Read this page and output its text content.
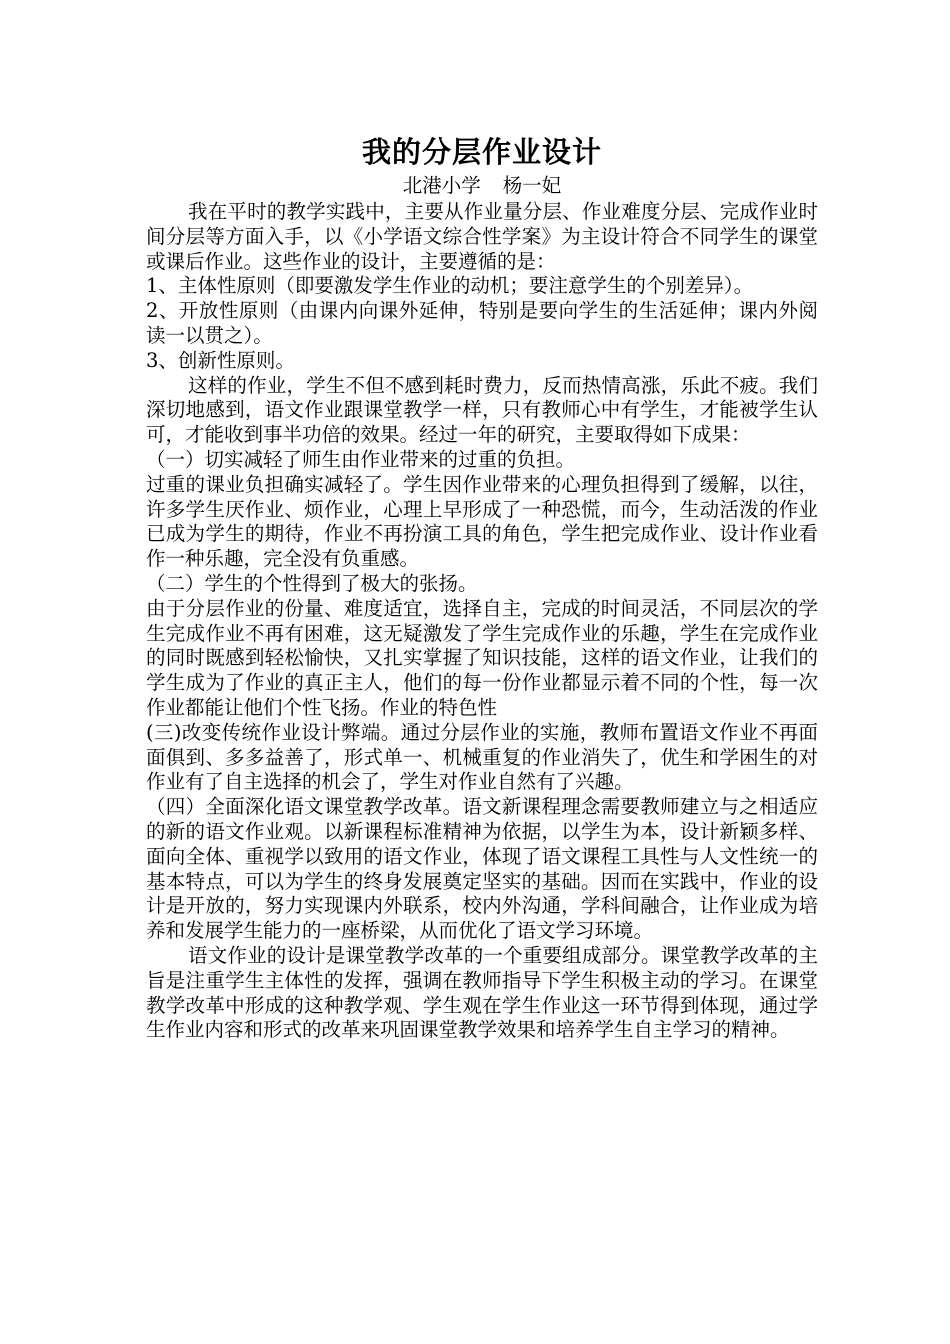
我的分层作业设计
北港小学 杨一妃

我在平时的教学实践中，主要从作业量分层、作业难度分层、完成作业时间分层等方面入手，以《小学语文综合性学案》为主设计符合不同学生的课堂或课后作业。这些作业的设计，主要遵循的是：

1、主体性原则（即要激发学生作业的动机；要注意学生的个别差异）。

2、开放性原则（由课内向课外延伸，特别是要向学生的生活延伸；课内外阅读一以贯之）。

3、创新性原则。

这样的作业，学生不但不感到耗时费力，反而热情高涨，乐此不疲。我们深切地感到，语文作业跟课堂教学一样，只有教师心中有学生，才能被学生认可，才能收到事半功倍的效果。经过一年的研究，主要取得如下成果：

（一）切实减轻了师生由作业带来的过重的负担。

过重的课业负担确实减轻了。学生因作业带来的心理负担得到了缓解，以往，许多学生厌作业、烦作业，心理上早形成了一种恐慌，而今，生动活泼的作业已成为学生的期待，作业不再扮演工具的角色，学生把完成作业、设计作业看作一种乐趣，完全没有负重感。

（二）学生的个性得到了极大的张扬。

由于分层作业的份量、难度适宜，选择自主，完成的时间灵活，不同层次的学生完成作业不再有困难，这无疑激发了学生完成作业的乐趣，学生在完成作业的同时既感到轻松愉快，又扎实掌握了知识技能，这样的语文作业，让我们的学生成为了作业的真正主人，他们的每一份作业都显示着不同的个性，每一次作业都能让他们个性飞扬。作业的特色性

(三)改变传统作业设计弊端。通过分层作业的实施，教师布置语文作业不再面面俱到、多多益善了，形式单一、机械重复的作业消失了，优生和学困生的对作业有了自主选择的机会了，学生对作业自然有了兴趣。

（四）全面深化语文课堂教学改革。语文新课程理念需要教师建立与之相适应的新的语文作业观。以新课程标准精神为依据，以学生为本，设计新颖多样、面向全体、重视学以致用的语文作业，体现了语文课程工具性与人文性统一的基本特点，可以为学生的终身发展奠定坚实的基础。因而在实践中，作业的设计是开放的，努力实现课内外联系，校内外沟通，学科间融合，让作业成为培养和发展学生能力的一座桥梁，从而优化了语文学习环境。

语文作业的设计是课堂教学改革的一个重要组成部分。课堂教学改革的主旨是注重学生主体性的发挥，强调在教师指导下学生积极主动的学习。在课堂教学改革中形成的这种教学观、学生观在学生作业这一环节得到体现，通过学生作业内容和形式的改革来巩固课堂教学效果和培养学生自主学习的精神。
